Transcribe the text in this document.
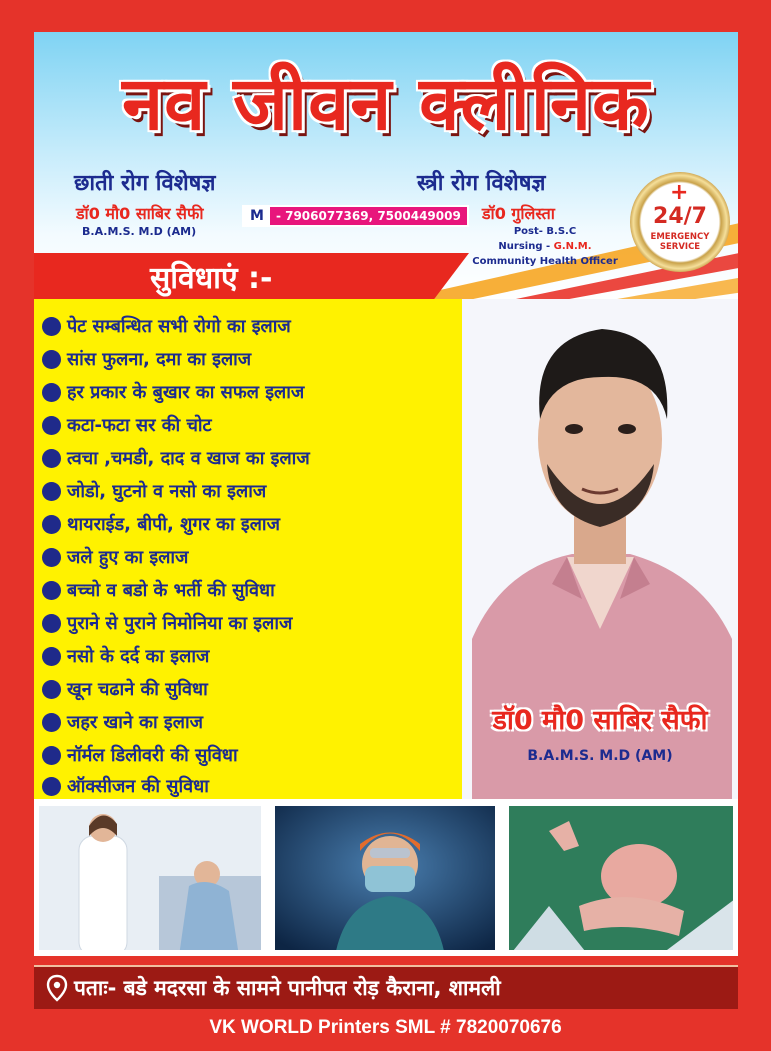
नव जीवन क्लीनिक
छाती रोग विशेषज्ञ	स्त्री रोग विशेषज्ञ
डॉ0 मौ0 साबिर सैफी
B.A.M.S. M.D (AM)
M	- 7906077369, 7500449009	डॉ0 गुलिस्ता
Post- B.S.C
Nursing - G.N.M.
Community Health Officer
+
24/7
EMERGENCY
SERVICE
सुविधाएं :-
पेट सम्बन्धित सभी रोगो का इलाज
सांस फुलना, दमा का इलाज
हर प्रकार के बुखार का सफल इलाज
कटा-फटा सर की चोट
त्वचा ,चमडी, दाद व खाज का इलाज
जोडो, घुटनो व नसो का इलाज
थायराईड, बीपी, शुगर का इलाज
जले हुए का इलाज
बच्चो व बडो के भर्ती की सुविधा
पुराने से पुराने निमोनिया का इलाज
नसो के दर्द का इलाज
खून चढाने की सुविधा
जहर खाने का इलाज
नॉर्मल डिलीवरी की सुविधा
ऑक्सीजन की सुविधा
डॉ0 मौ0 साबिर सैफी
B.A.M.S. M.D (AM)
पताः- बडे मदरसा के सामने पानीपत रोड़ कैराना, शामली
VK WORLD Printers SML # 7820070676
